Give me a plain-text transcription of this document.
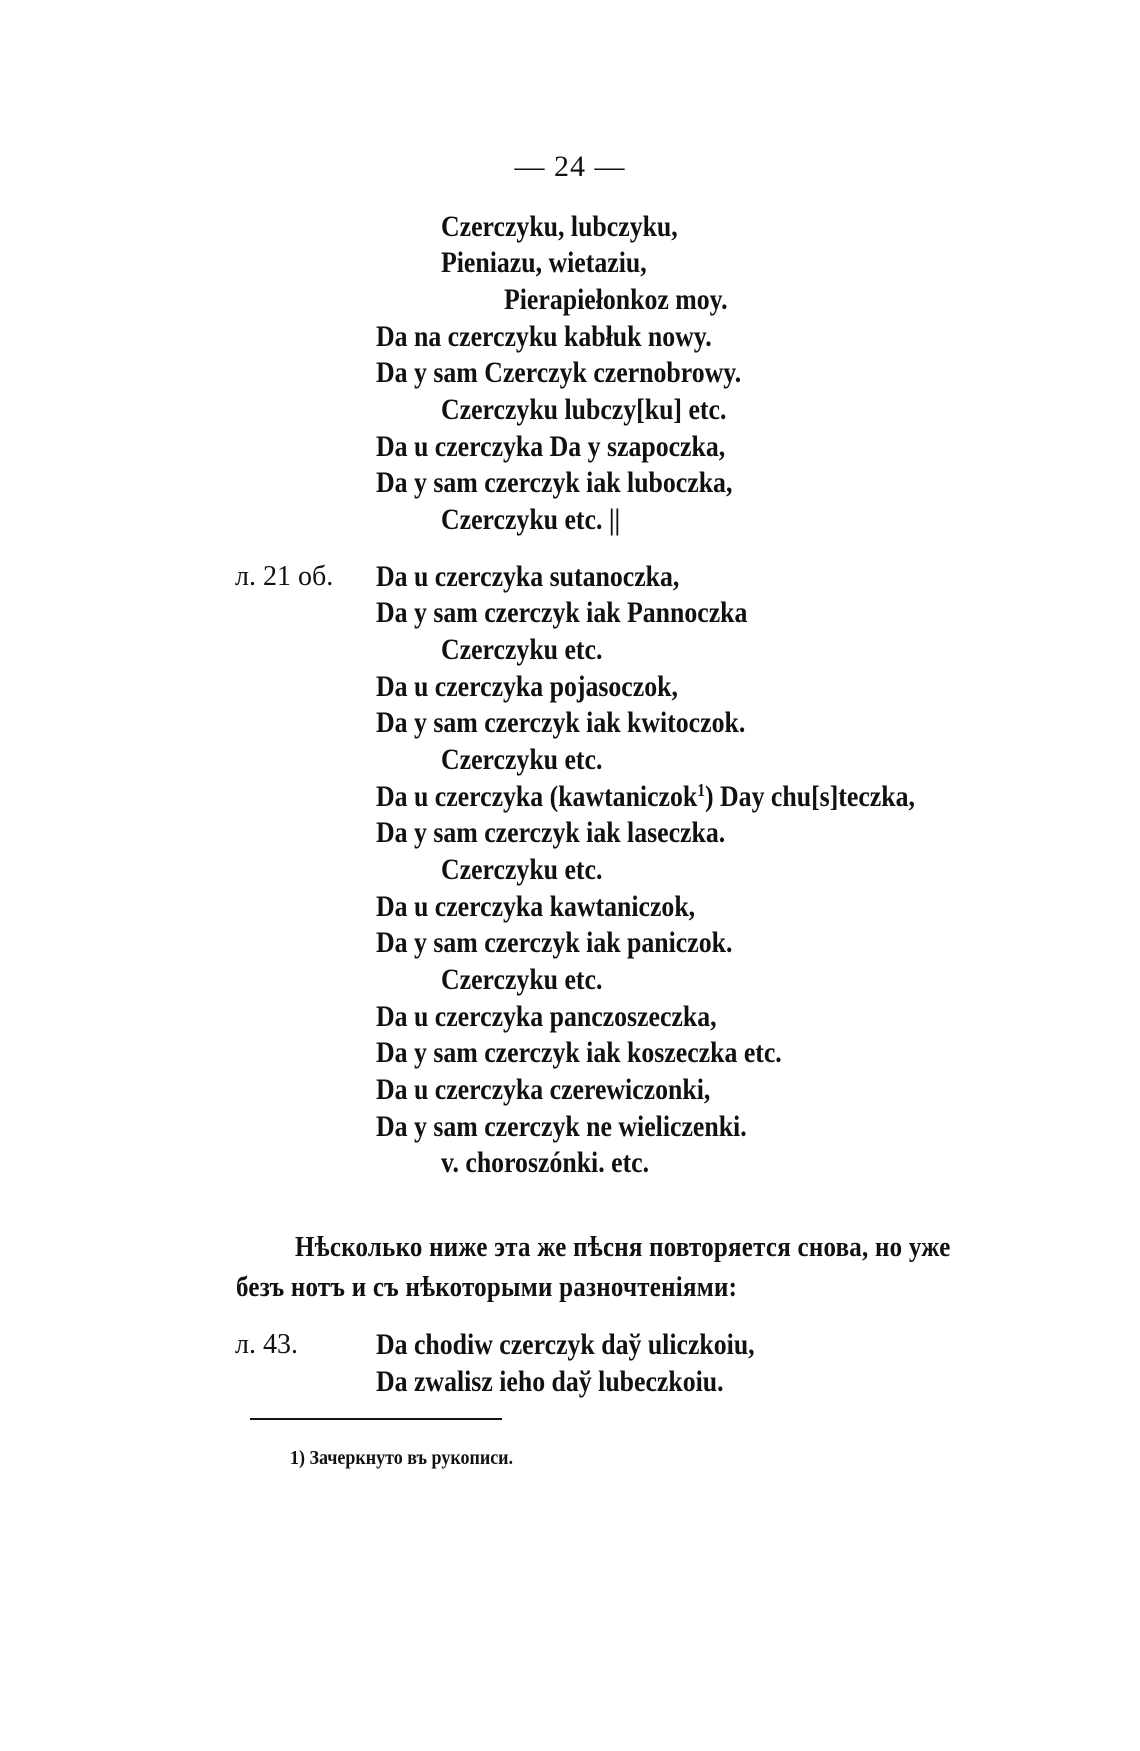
— 24 —
Czerczyku, lubczyku,
Pieniazu, wietaziu,
Pierapiełonkoz moy.
Da na czerczyku kabłuk nowy.
Da y sam Czerczyk czernobrowy.
Czerczyku lubczy[ku] etc.
Da u czerczyka Da y szapoczka,
Da y sam czerczyk iak luboczka,
Czerczyku etc. ||
л. 21 об. Da u czerczyka sutanoczka,
Da y sam czerczyk iak Pannoczka
Czerczyku etc.
Da u czerczyka pojasoczok,
Da y sam czerczyk iak kwitoczok.
Czerczyku etc.
Da u czerczyka (kawtaniczok$^1$) Day chu[s]teczka,
Da y sam czerczyk iak laseczka.
Czerczyku etc.
Da u czerczyka kawtaniczok,
Da y sam czerczyk iak paniczok.
Czerczyku etc.
Da u czerczyka panczoszeczka,
Da y sam czerczyk iak koszeczka etc.
Da u czerczyka czerewiczonki,
Da y sam czerczyk ne wieliczenki.
v. choroszónki. etc.
Нѣсколько ниже эта же пѣсня повторяется снова, но уже
безъ нотъ и съ нѣкоторыми разночтеніями:
л. 43.	Da chodiw czerczyk daў uliczkoiu,
Da zwalisz ieho daў lubeczkoiu.
1) Зачеркнуто въ рукописи.
